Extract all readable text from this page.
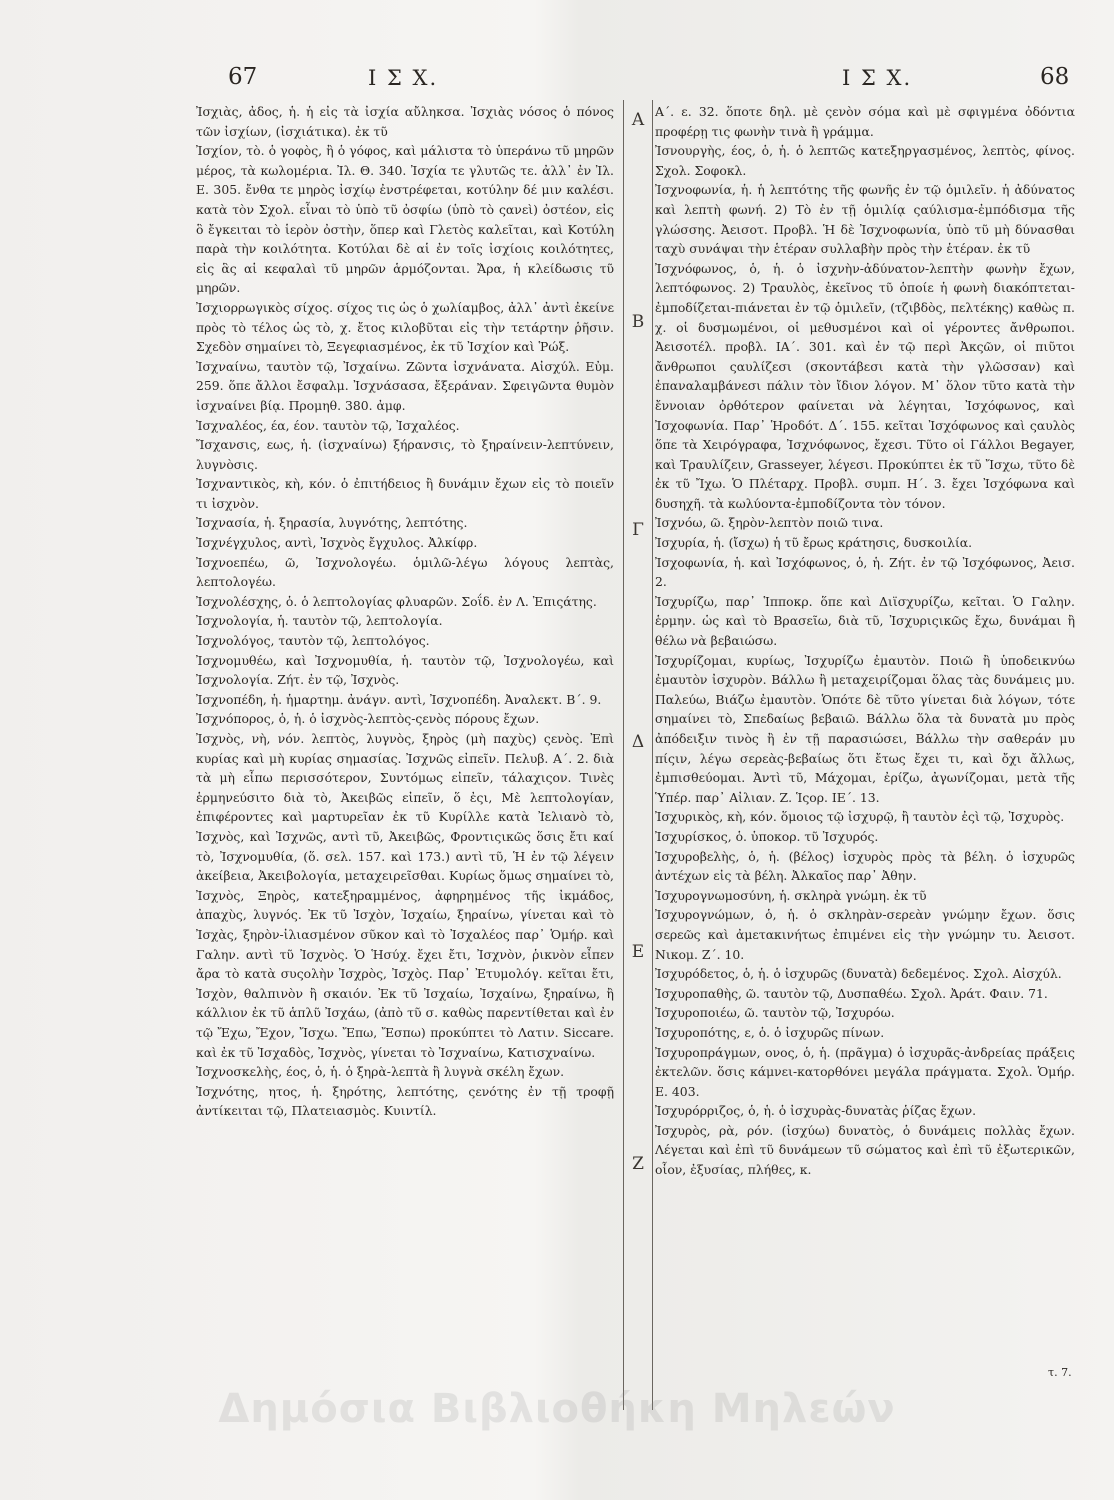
67	Ι Σ Χ.	Ι Σ Χ.	68

Ἰσχιὰς, ἀδος, ἡ. ἡ εἰς τὰ ἰσχία αὔληκσα. Ἰσχιὰς νόσος ὁ πόνος τῶν ἰσχίων, (ἰσχιάτικα). ἐκ τῦ

Ἰσχίον, τὸ. ὁ γοφὸς, ἢ ὁ γόφος, καὶ μάλιστα τὸ ὑπεράνω τῦ μηρῶν μέρος, τὰ κωλομέρια. Ἰλ. Θ. 340. Ἰσχία τε γλυτῶς τε. ἀλλ᾽ ἐν Ἰλ. Ε. 305. ἔνθα τε μηρὸς ἰσχίῳ ἐνστρέφεται, κοτύλην δέ μιν καλέσι. κατὰ τὸν Σχολ. εἶναι τὸ ὑπὸ τῦ ὀσφίω (ὑπὸ τὸ ςανεὶ) ὀστέον, εἰς ὃ ἔγκειται τὸ ἱερὸν ὀστὴν, ὅπερ καὶ Γλετὸς καλεῖται, καὶ Κοτύλη παρὰ τὴν κοιλότητα. Κοτύλαι δὲ αἱ ἐν τοῖς ἰσχίοις κοιλότητες, εἰς ἃς αἱ κεφαλαὶ τῦ μηρῶν ἁρμόζονται. Ἄρα, ἡ κλείδωσις τῦ μηρῶν.

Ἰσχιορρωγικὸς σίχος. σίχος τις ὡς ὁ χωλίαμβος, ἀλλ᾽ ἀντὶ ἐκείνε πρὸς τὸ τέλος ὡς τὸ, χ. ἔτος κιλοβῦται εἰς τὴν τετάρτην ῥῆσιν. Σχεδὸν σημαίνει τὸ, Ξεγεφιασμένος, ἐκ τῦ Ἰσχίον καὶ Ῥώξ.

Ἰσχναίνω, ταυτὸν τῷ, Ἰσχαίνω. Ζῶντα ἰσχνάνατα. Αἰσχύλ. Εὐμ. 259. ὅπε ἄλλοι ἔσφαλμ. Ἰσχνάσασα, ἔξεράναν. Σφειγῶντα θυμὸν ἰσχναίνει βίᾳ. Προμηθ. 380. ἀμφ.

Ἰσχναλέος, έα, έον. ταυτὸν τῷ, Ἰσχαλέος.

Ἴσχανσις, εως, ἡ. (ἰσχναίνω) ξήρανσις, τὸ ξηραίνειν-λεπτύνειν, λυγνὸσις.

Ἰσχναντικὸς, κὴ, κόν. ὁ ἐπιτήδειος ἢ δυνάμιν ἔχων εἰς τὸ ποιεῖν τι ἰσχνὸν.

Ἰσχνασία, ἡ. ξηρασία, λυγνότης, λεπτότης.

Ἰσχνέγχυλος, αντὶ, Ἰσχνὸς ἔγχυλος. Ἀλκίφρ.

Ἰσχνοεπέω, ῶ, Ἰσχνολογέω. ὁμιλῶ-λέγω λόγους λεπτὰς, λεπτολογέω.

Ἰσχνολέσχης, ὁ. ὁ λεπτολογίας φλυαρῶν. Σοΐδ. ἐν Λ. Ἐπιςάτης.

Ἰσχνολογία, ἡ. ταυτὸν τῷ, λεπτολογία.

Ἰσχνολόγος, ταυτὸν τῷ, λεπτολόγος.

Ἰσχνομυθέω, καὶ Ἰσχνομυθία, ἡ. ταυτὸν τῷ, Ἰσχνολογέω, καὶ Ἰσχνολογία. Ζήτ. ἐν τῷ, Ἰσχνὸς.

Ἰσχνοπέδη, ἡ. ἡμαρτημ. ἀνάγν. αντὶ, Ἰσχνοπέδη. Ἀναλεκτ. Β΄. 9.

Ἰσχνόπορος, ὁ, ἡ. ὁ ἰσχνὸς-λεπτὸς-ςενὸς πόρους ἔχων.

Ἰσχνὸς, νὴ, νόν. λεπτὸς, λυγνὸς, ξηρὸς (μὴ παχὺς) ςενὸς. Ἐπὶ κυρίας καὶ μὴ κυρίας σημασίας. Ἰσχνῶς εἰπεῖν. Πελυβ. Α΄. 2. διὰ τὰ μὴ εἶπω περισσότερον, Συντόμως εἰπεῖν, τάλαχιςον. Τινὲς ἑρμηνεύσιτο διὰ τὸ, Ἀκειβῶς εἰπεῖν, ὅ ἐςι, Μὲ λεπτολογίαν, ἐπιφέροντες καὶ μαρτυρεῖαν ἐκ τῦ Κυρίλλε κατὰ Ἰελιανὸ τὸ, Ἰσχνὸς, καὶ Ἰσχνῶς, αντὶ τῦ, Ἀκειβῶς, Φροντιςικῶς ὅσις ἔτι καί τὸ, Ἰσχνομυθία, (ὅ. σελ. 157. καὶ 173.) αντὶ τῦ, Ἡ ἐν τῷ λέγειν ἀκείβεια, Ἀκειβολογία, μεταχειρεῖσθαι. Κυρίως ὅμως σημαίνει τὸ, Ἰσχνὸς, Ξηρὸς, κατεξηραμμένος, ἀφηρημένος τῆς ἰκμάδος, ἀπαχὺς, λυγνός. Ἐκ τῦ Ἰσχὸν, Ἰσχαίω, ξηραίνω, γίνεται καὶ τὸ Ἰσχὰς, ξηρὸν-ἰλιασμένον σῦκον καὶ τὸ Ἰσχαλέος παρ᾽ Ὁμήρ. καὶ Γαλην. αντὶ τῦ Ἰσχνὸς. Ὁ Ἡσύχ. ἔχει ἔτι, Ἰσχνὸν, ῥικνὸν εἶπεν ἄρα τὸ κατὰ συςολὴν Ἰσχρὸς, Ἰσχὸς. Παρ᾽ Ἐτυμολόγ. κεῖται ἔτι, Ἰσχὸν, θαλπινὸν ἢ σκαιόν. Ἐκ τῦ Ἰσχαίω, Ἰσχαίνω, ξηραίνω, ἢ κάλλιον ἐκ τῦ ἁπλῦ Ἰσχάω, (ἀπὸ τῦ σ. καθὼς παρεντίθεται καὶ ἐν τῷ Ἔχω, Ἔχον, Ἴσχω. Ἔπω, Ἔσπω) προκύπτει τὸ Λατιν. Siccare. καὶ ἐκ τῦ Ἰσχαδὸς, Ἰσχνὸς, γίνεται τὸ Ἰσχναίνω, Κατισχναίνω.

Ἰσχνοσκελὴς, έος, ὁ, ἡ. ὁ ξηρὰ-λεπτὰ ἢ λυγνὰ σκέλη ἔχων.

Ἰσχνότης, ητος, ἡ. ξηρότης, λεπτότης, ςενότης ἐν τῇ τροφῇ ἀντίκειται τῷ, Πλατειασμὸς. Κυιντίλ.

Α
Β
Γ
Δ
Ε
Ζ

Α΄. ε. 32. ὅποτε δηλ. μὲ ςενὸν σόμα καὶ μὲ σφιγμένα ὀδόντια προφέρῃ τις φωνὴν τινὰ ἢ γράμμα.

Ἰσνουργὴς, έος, ὁ, ἡ. ὁ λεπτῶς κατεξηργασμένος, λεπτὸς, φίνος. Σχολ. Σοφοκλ.

Ἰσχνοφωνία, ἡ. ἡ λεπτότης τῆς φωνῆς ἐν τῷ ὁμιλεῖν. ἡ ἀδύνατος καὶ λεπτὴ φωνή. 2) Τὸ ἐν τῇ ὁμιλίᾳ ςαύλισμα-ἐμπόδισμα τῆς γλώσσης. Ἀεισοτ. Προβλ. Ἡ δὲ Ἰσχνοφωνία, ὑπὸ τῦ μὴ δύνασθαι ταχὺ συνάψαι τὴν ἑτέραν συλλαβὴν πρὸς τὴν ἑτέραν. ἐκ τῦ

Ἰσχνόφωνος, ὁ, ἡ. ὁ ἰσχνὴν-ἀδύνατον-λεπτὴν φωνὴν ἔχων, λεπτόφωνος. 2) Τραυλὸς, ἐκεῖνος τῦ ὁποίε ἡ φωνὴ διακόπτεται-ἐμποδίζεται-πιάνεται ἐν τῷ ὁμιλεῖν, (τζιβδὸς, πελτέκης) καθὼς π. χ. οἱ δυσμωμένοι, οἱ μεθυσμένοι καὶ οἱ γέροντες ἄνθρωποι. Ἀεισοτέλ. προβλ. ΙΑ΄. 301. καὶ ἐν τῷ περὶ Ἀκςῶν, οἱ πιῦτοι ἄνθρωποι ςαυλίζεσι (σκοντάβεσι κατὰ τὴν γλῶσσαν) καὶ ἐπαναλαμβάνεσι πάλιν τὸν ἴδιον λόγον. Μ᾽ ὅλον τῦτο κατὰ τὴν ἔννοιαν ὀρθότερον φαίνεται νὰ λέγηται, Ἰσχόφωνος, καὶ Ἰσχοφωνία. Παρ᾽ Ἡροδότ. Δ΄. 155. κεῖται Ἰσχόφωνος καὶ ςαυλὸς ὅπε τὰ Χειρόγραφα, Ἰσχνόφωνος, ἔχεσι. Τῦτο οἱ Γάλλοι Begayer, καὶ Τραυλίζειν, Grasseyer, λέγεσι. Προκύπτει ἐκ τῦ Ἴσχω, τῦτο δὲ ἐκ τῦ Ἴχω. Ὁ Πλέταρχ. Προβλ. συμπ. Η΄. 3. ἔχει Ἰσχόφωνα καὶ δυσηχῆ. τὰ κωλύοντα-ἐμποδίζοντα τὸν τόνον.

Ἰσχνόω, ῶ. ξηρὸν-λεπτὸν ποιῶ τινα.

Ἰσχυρία, ἡ. (ἴσχω) ἡ τῦ ἔρως κράτησις, δυσκοιλία.

Ἰσχοφωνία, ἡ. καὶ Ἰσχόφωνος, ὁ, ἡ. Ζήτ. ἐν τῷ Ἰσχόφωνος, Ἀεισ. 2.

Ἰσχυρίζω, παρ᾽ Ἱπποκρ. ὅπε καὶ Διϊσχυρίζω, κεῖται. Ὁ Γαλην. ἑρμην. ὡς καὶ τὸ Βρασεῖω, διὰ τῦ, Ἰσχυριςικῶς ἔχω, δυνάμαι ἢ θέλω νὰ βεβαιώσω.

Ἰσχυρίζομαι, κυρίως, Ἰσχυρίζω ἐμαυτὸν. Ποιῶ ἢ ὑποδεικνύω ἐμαυτὸν ἰσχυρὸν. Βάλλω ἢ μεταχειρίζομαι ὅλας τὰς δυνάμεις μυ. Παλεύω, Βιάζω ἐμαυτὸν. Ὁπότε δὲ τῦτο γίνεται διὰ λόγων, τότε σημαίνει τὸ, Σπεδαίως βεβαιῶ. Βάλλω ὅλα τὰ δυνατὰ μυ πρὸς ἀπόδειξιν τινὸς ἢ ἐν τῇ παρασιώσει, Βάλλω τὴν σαθεράν μυ πίςιν, λέγω σερεὰς-βεβαίως ὅτι ἔτως ἔχει τι, καὶ ὄχι ἄλλως, ἐμπισθεύομαι. Ἀντὶ τῦ, Μάχομαι, ἐρίζω, ἀγωνίζομαι, μετὰ τῆς Ὑπέρ. παρ᾽ Αἰλιαν. Ζ. Ἱςορ. ΙΕ΄. 13.

Ἰσχυρικὸς, κὴ, κόν. ὅμοιος τῷ ἰσχυρῷ, ἢ ταυτὸν ἐςὶ τῷ, Ἰσχυρὸς.

Ἰσχυρίσκος, ὁ. ὑποκορ. τῦ Ἰσχυρός.

Ἰσχυροβελὴς, ὁ, ἡ. (βέλος) ἰσχυρὸς πρὸς τὰ βέλη. ὁ ἰσχυρῶς ἀντέχων εἰς τὰ βέλη. Ἀλκαῖος παρ᾽ Ἀθην.

Ἰσχυρογνωμοσύνη, ἡ. σκληρὰ γνώμη. ἐκ τῦ

Ἰσχυρογνώμων, ὁ, ἡ. ὁ σκληρὰν-σερεὰν γνώμην ἔχων. ὅσις σερεῶς καὶ ἀμετακινήτως ἐπιμένει εἰς τὴν γνώμην τυ. Ἀεισοτ. Νικομ. Ζ΄. 10.

Ἰσχυρόδετος, ὁ, ἡ. ὁ ἰσχυρῶς (δυνατὰ) δεδεμένος. Σχολ. Αἰσχύλ.

Ἰσχυροπαθὴς, ῶ. ταυτὸν τῷ, Δυσπαθέω. Σχολ. Ἀράτ. Φαιν. 71.

Ἰσχυροποιέω, ῶ. ταυτὸν τῷ, Ἰσχυρόω.

Ἰσχυροπότης, ε, ὁ. ὁ ἰσχυρῶς πίνων.

Ἰσχυροπράγμων, ονος, ὁ, ἡ. (πρᾶγμα) ὁ ἰσχυρᾶς-ἀνδρείας πράξεις ἐκτελῶν. ὅσις κάμνει-κατορθόνει μεγάλα πράγματα. Σχολ. Ὁμήρ. Ε. 403.

Ἰσχυρόρριζος, ὁ, ἡ. ὁ ἰσχυρὰς-δυνατὰς ῥίζας ἔχων.

Ἰσχυρὸς, ρὰ, ρόν. (ἰσχύω) δυνατὸς, ὁ δυνάμεις πολλὰς ἔχων. Λέγεται καὶ ἐπὶ τῦ δυνάμεων τῦ σώματος καὶ ἐπὶ τῦ ἐξωτερικῶν, οἷον, ἐξυσίας, πλήθες, κ.

τ. 7.
Δημόσια Βιβλιοθήκη Μηλεών
